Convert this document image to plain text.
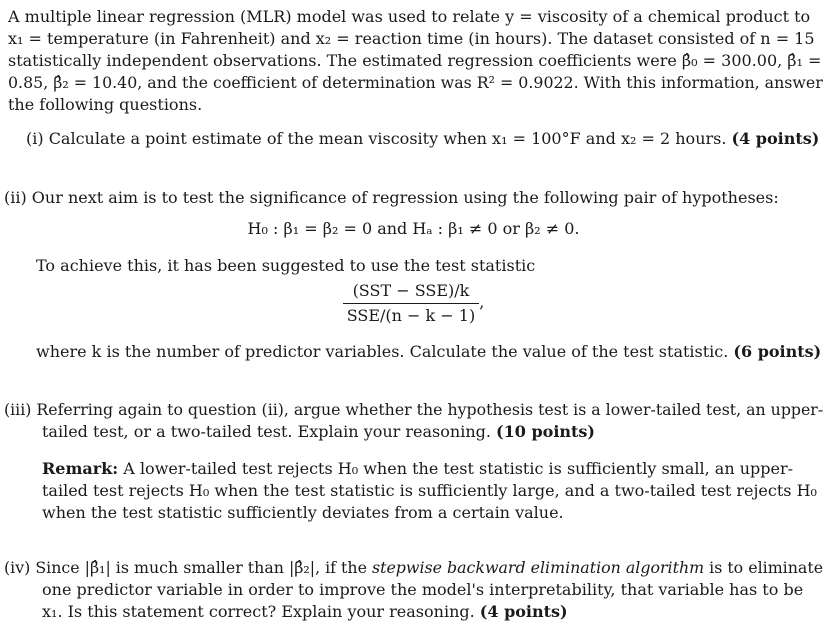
A multiple linear regression (MLR) model was used to relate y = viscosity of a chemical product to

x₁ = temperature (in Fahrenheit) and x₂ = reaction time (in hours). The dataset consisted of n = 15

statistically independent observations. The estimated regression coefficients were β̂₀ = 300.00, β̂₁ =

0.85, β̂₂ = 10.40, and the coefficient of determination was R² = 0.9022. With this information, answer

the following questions.

(i) Calculate a point estimate of the mean viscosity when x₁ = 100°F and x₂ = 2 hours. (4 points)

(ii) Our next aim is to test the significance of regression using the following pair of hypotheses:

H₀ : β₁ = β₂ = 0 and Hₐ : β₁ ≠ 0 or β₂ ≠ 0.

To achieve this, it has been suggested to use the test statistic

$\frac{\text{(SST − SSE)/k}}{\text{SSE/(n − k − 1)}}$ ,

where k is the number of predictor variables. Calculate the value of the test statistic. (6 points)

(iii) Referring again to question (ii), argue whether the hypothesis test is a lower-tailed test, an upper-

tailed test, or a two-tailed test. Explain your reasoning. (10 points)

Remark: A lower-tailed test rejects H₀ when the test statistic is sufficiently small, an upper-

tailed test rejects H₀ when the test statistic is sufficiently large, and a two-tailed test rejects H₀

when the test statistic sufficiently deviates from a certain value.

(iv) Since |β̂₁| is much smaller than |β̂₂|, if the stepwise backward elimination algorithm is to eliminate

one predictor variable in order to improve the model's interpretability, that variable has to be

x₁. Is this statement correct? Explain your reasoning. (4 points)
